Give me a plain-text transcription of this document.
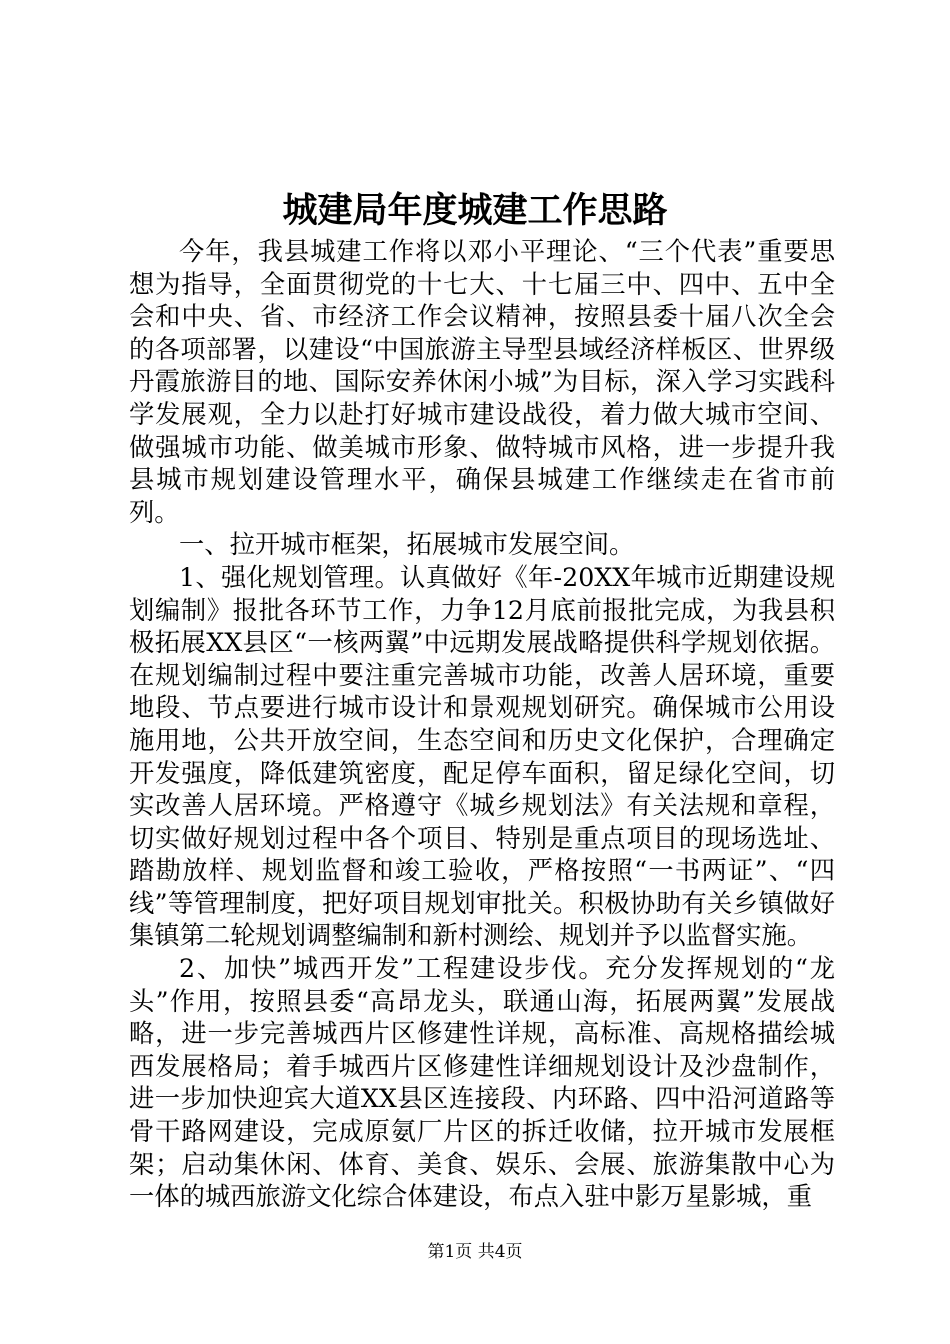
城建局年度城建工作思路

今年，我县城建工作将以邓小平理论、“三个代表”重要思想为指导，全面贯彻党的十七大、十七届三中、四中、五中全会和中央、省、市经济工作会议精神，按照县委十届八次全会的各项部署，以建设“中国旅游主导型县域经济样板区、世界级丹霞旅游目的地、国际安养休闲小城”为目标，深入学习实践科学发展观，全力以赴打好城市建设战役，着力做大城市空间、做强城市功能、做美城市形象、做特城市风格，进一步提升我县城市规划建设管理水平，确保县城建工作继续走在省市前列。

一、拉开城市框架，拓展城市发展空间。

1、强化规划管理。认真做好《年-20XX年城市近期建设规划编制》报批各环节工作，力争12月底前报批完成，为我县积极拓展XX县区“一核两翼”中远期发展战略提供科学规划依据。在规划编制过程中要注重完善城市功能，改善人居环境，重要地段、节点要进行城市设计和景观规划研究。确保城市公用设施用地，公共开放空间，生态空间和历史文化保护，合理确定开发强度，降低建筑密度，配足停车面积，留足绿化空间，切实改善人居环境。严格遵守《城乡规划法》有关法规和章程，切实做好规划过程中各个项目、特别是重点项目的现场选址、踏勘放样、规划监督和竣工验收，严格按照“一书两证”、“四线”等管理制度，把好项目规划审批关。积极协助有关乡镇做好集镇第二轮规划调整编制和新村测绘、规划并予以监督实施。

2、加快”城西开发”工程建设步伐。充分发挥规划的“龙头”作用，按照县委“高昂龙头，联通山海，拓展两翼”发展战略，进一步完善城西片区修建性详规，高标准、高规格描绘城西发展格局；着手城西片区修建性详细规划设计及沙盘制作，进一步加快迎宾大道XX县区连接段、内环路、四中沿河道路等骨干路网建设，完成原氨厂片区的拆迁收储，拉开城市发展框架；启动集休闲、体育、美食、娱乐、会展、旅游集散中心为一体的城西旅游文化综合体建设，布点入驻中影万星影城，重

第1页 共4页
